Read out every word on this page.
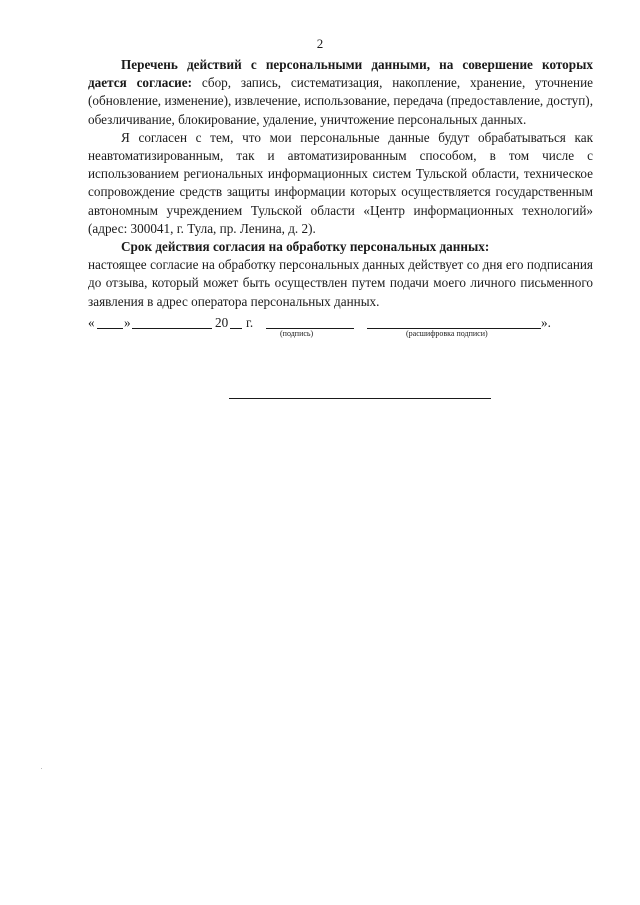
2

Перечень действий с персональными данными, на совершение которых дается согласие: сбор, запись, систематизация, накопление, хранение, уточнение (обновление, изменение), извлечение, использование, передача (предоставление, доступ), обезличивание, блокирование, удаление, уничтожение персональных данных.

Я согласен с тем, что мои персональные данные будут обрабатываться как неавтоматизированным, так и автоматизированным способом, в том числе с использованием региональных информационных систем Тульской области, техническое сопровождение средств защиты информации которых осуществляется государственным автономным учреждением Тульской области «Центр информационных технологий» (адрес: 300041, г. Тула, пр. Ленина, д. 2).

Срок действия согласия на обработку персональных данных:

настоящее согласие на обработку персональных данных действует со дня его подписания до отзыва, который может быть осуществлен путем подачи моего личного письменного заявления в адрес оператора персональных данных.

« »	20 г.
(подпись)	(расшифровка подписи)
».
